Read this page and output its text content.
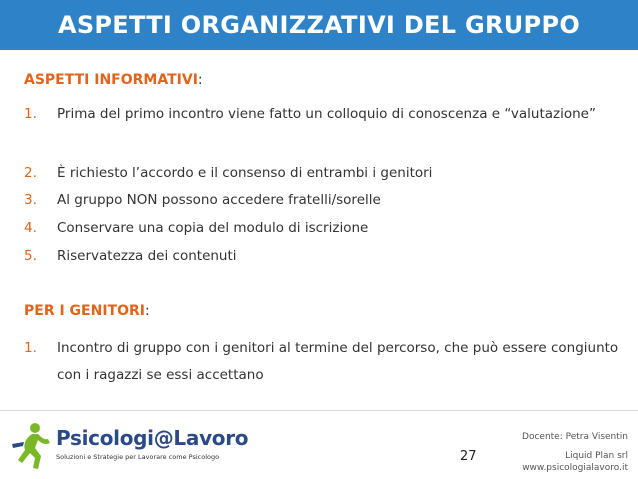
ASPETTI ORGANIZZATIVI DEL GRUPPO
ASPETTI INFORMATIVI:
1. Prima del primo incontro viene fatto un colloquio di conoscenza e “valutazione”
2. È richiesto l’accordo e il consenso di entrambi i genitori
3. Al gruppo NON possono accedere fratelli/sorelle
4. Conservare una copia del modulo di iscrizione
5. Riservatezza dei contenuti
PER I GENITORI:
1. Incontro di gruppo con i genitori al termine del percorso, che può essere congiunto con i ragazzi se essi accettano
Psicologi@Lavoro
Soluzioni e Strategie per Lavorare come Psicologo	27
Docente: Petra Visentin
Liquid Plan srl
www.psicologialavoro.it
